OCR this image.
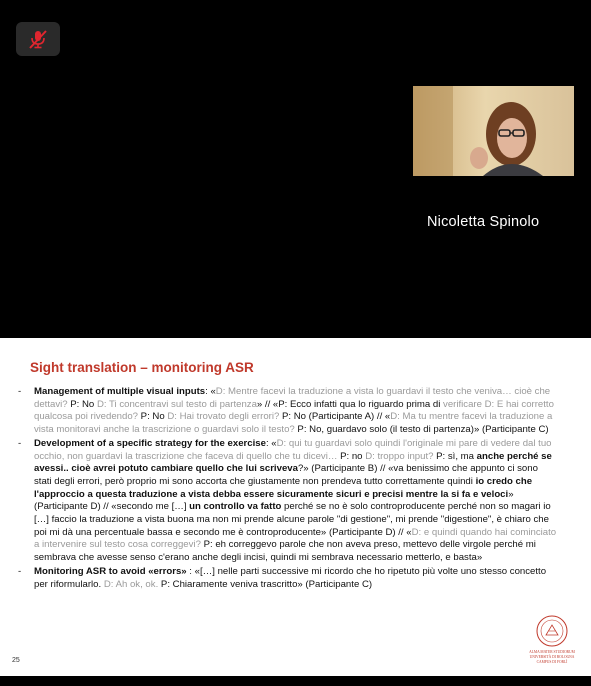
Nicoletta Spinolo
Sight translation – monitoring ASR
- Management of multiple visual inputs: «D: Mentre facevi la traduzione a vista lo guardavi il testo che veniva… cioè che dettavi? P: No D: Ti concentravi sul testo di partenza» // «P: Ecco infatti qua lo riguardo prima di verificare D: E hai corretto qualcosa poi rivedendo? P: No D: Hai trovato degli errori? P: No (Participante A) // «D: Ma tu mentre facevi la traduzione a vista monitoravi anche la trascrizione o guardavi solo il testo? P: No, guardavo solo (il testo di partenza)» (Participante C)
- Development of a specific strategy for the exercise: «D: qui tu guardavi solo quindi l'originale mi pare di vedere dal tuo occhio, non guardavi la trascrizione che faceva di quello che tu dicevi… P: no D: troppo input? P: sì, ma anche perché se avessi.. cioè avrei potuto cambiare quello che lui scriveva?» (Participante B) // «va benissimo che appunto ci sono stati degli errori, però proprio mi sono accorta che giustamente non prendeva tutto correttamente quindi io credo che l'approccio a questa traduzione a vista debba essere sicuramente sicuri e precisi mentre la si fa e veloci» (Participante D) // «secondo me […] un controllo va fatto perché se no è solo controproducente perché non so magari io […] faccio la traduzione a vista buona ma non mi prende alcune parole "di gestione", mi prende "digestione", è chiaro che poi mi dà una percentuale bassa e secondo me è controproducente» (Participante D) // «D: e quindi quando hai cominciato a intervenire sul testo cosa correggevi? P: eh correggevo parole che non aveva preso, mettevo delle virgole perché mi sembrava che avesse senso c'erano anche degli incisi, quindi mi sembrava necessario metterlo, e basta»
- Monitoring ASR to avoid «errors» : «[…] nelle parti successive mi ricordo che ho ripetuto più volte uno stesso concetto per riformularlo. D: Ah ok, ok. P: Chiaramente veniva trascritto» (Participante C)
25
ALMA MATER STUDIORUM
UNIVERSITÀ DI BOLOGNA
CAMPUS DI FORLÌ
